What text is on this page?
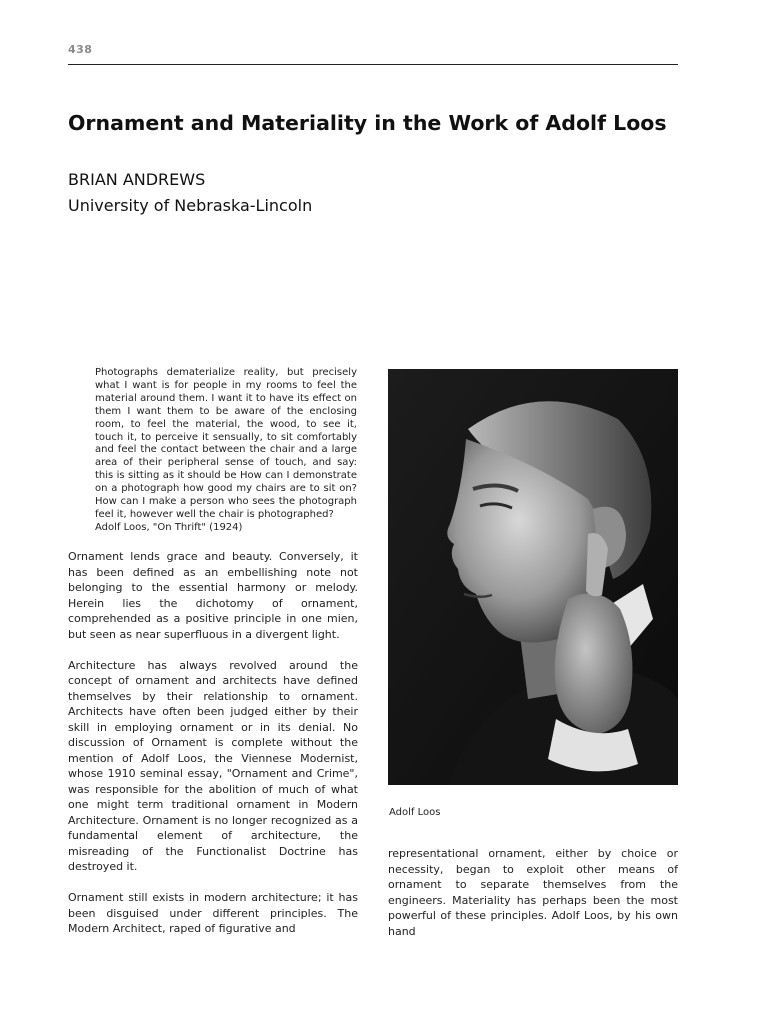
438
Ornament and Materiality in the Work of Adolf Loos
BRIAN ANDREWS
University of Nebraska-Lincoln
Photographs dematerialize reality, but precisely what I want is for people in my rooms to feel the material around them. I want it to have its effect on them I want them to be aware of the enclosing room, to feel the material, the wood, to see it, touch it, to perceive it sensually, to sit comfortably and feel the contact between the chair and a large area of their peripheral sense of touch, and say: this is sitting as it should be How can I demonstrate on a photograph how good my chairs are to sit on? How can I make a person who sees the photograph feel it, however well the chair is photographed?
Adolf Loos, "On Thrift" (1924)

Ornament lends grace and beauty. Conversely, it has been defined as an embellishing note not belonging to the essential harmony or melody. Herein lies the dichotomy of ornament, comprehended as a positive principle in one mien, but seen as near superfluous in a divergent light.

Architecture has always revolved around the concept of ornament and architects have defined themselves by their relationship to ornament. Architects have often been judged either by their skill in employing ornament or in its denial. No discussion of Ornament is complete without the mention of Adolf Loos, the Viennese Modernist, whose 1910 seminal essay, "Ornament and Crime", was responsible for the abolition of much of what one might term traditional ornament in Modern Architecture. Ornament is no longer recognized as a fundamental element of architecture, the misreading of the Functionalist Doctrine has destroyed it.

Ornament still exists in modern architecture; it has been disguised under different principles. The Modern Architect, raped of figurative and

Adolf Loos

representational ornament, either by choice or necessity, began to exploit other means of ornament to separate themselves from the engineers. Materiality has perhaps been the most powerful of these principles. Adolf Loos, by his own hand
